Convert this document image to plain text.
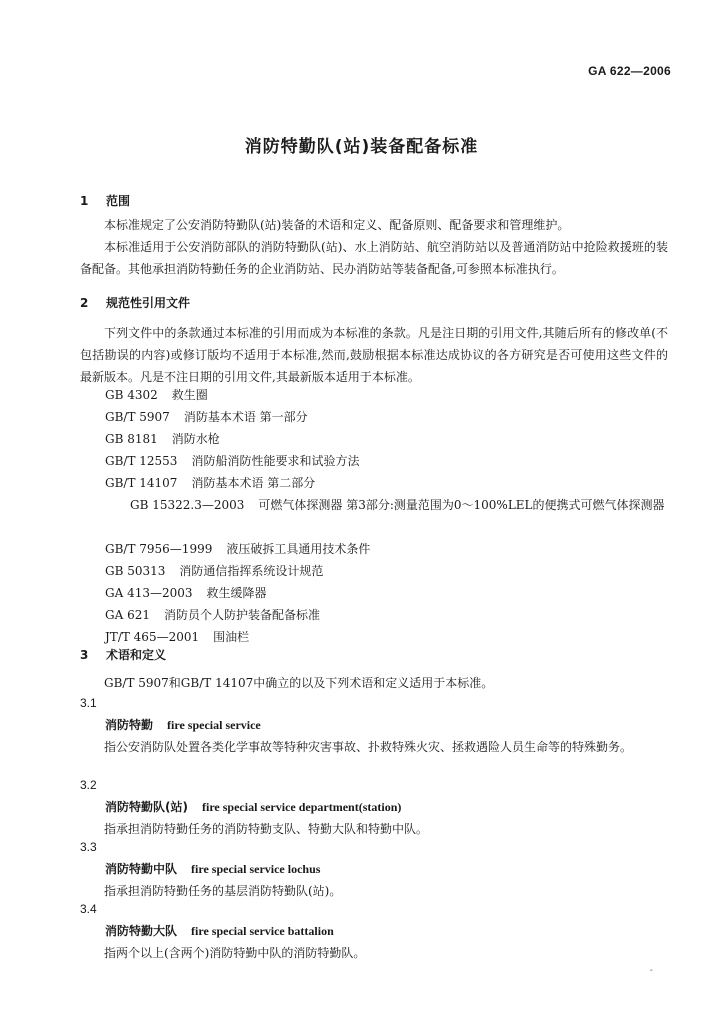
GA 622—2006
消防特勤队(站)装备配备标准
1 范围
本标准规定了公安消防特勤队(站)装备的术语和定义、配备原则、配备要求和管理维护。
本标准适用于公安消防部队的消防特勤队(站)、水上消防站、航空消防站以及普通消防站中抢险救援班的装备配备。其他承担消防特勤任务的企业消防站、民办消防站等装备配备,可参照本标准执行。
2 规范性引用文件
下列文件中的条款通过本标准的引用而成为本标准的条款。凡是注日期的引用文件,其随后所有的修改单(不包括勘误的内容)或修订版均不适用于本标准,然而,鼓励根据本标准达成协议的各方研究是否可使用这些文件的最新版本。凡是不注日期的引用文件,其最新版本适用于本标准。
GB 4302 救生圈
GB/T 5907 消防基本术语 第一部分
GB 8181 消防水枪
GB/T 12553 消防船消防性能要求和试验方法
GB/T 14107 消防基本术语 第二部分
GB 15322.3—2003 可燃气体探测器 第3部分:测量范围为0～100%LEL的便携式可燃气体探测器
GB/T 7956—1999 液压破拆工具通用技术条件
GB 50313 消防通信指挥系统设计规范
GA 413—2003 救生缓降器
GA 621 消防员个人防护装备配备标准
JT/T 465—2001 围油栏
3 术语和定义
GB/T 5907和GB/T 14107中确立的以及下列术语和定义适用于本标准。
3.1
消防特勤 fire special service
指公安消防队处置各类化学事故等特种灾害事故、扑救特殊火灾、拯救遇险人员生命等的特殊勤务。
3.2
消防特勤队(站) fire special service department(station)
指承担消防特勤任务的消防特勤支队、特勤大队和特勤中队。
3.3
消防特勤中队 fire special service lochus
指承担消防特勤任务的基层消防特勤队(站)。
3.4
消防特勤大队 fire special service battalion
指两个以上(含两个)消防特勤中队的消防特勤队。
-
